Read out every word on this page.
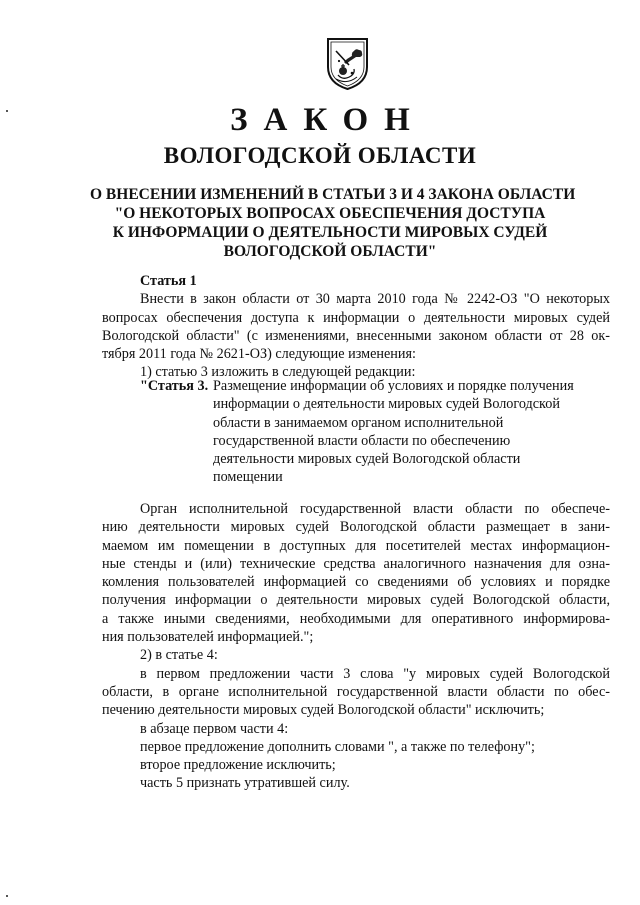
ЗАКОН
ВОЛОГОДСКОЙ ОБЛАСТИ
О ВНЕСЕНИИ ИЗМЕНЕНИЙ В СТАТЬИ 3 И 4 ЗАКОНА ОБЛАСТИ
"О НЕКОТОРЫХ ВОПРОСАХ ОБЕСПЕЧЕНИЯ ДОСТУПА
К ИНФОРМАЦИИ О ДЕЯТЕЛЬНОСТИ МИРОВЫХ СУДЕЙ
ВОЛОГОДСКОЙ ОБЛАСТИ"
Статья 1
Внести в закон области от 30 марта 2010 года № 2242-ОЗ "О некоторых
вопросах обеспечения доступа к информации о деятельности мировых судей
Вологодской области" (с изменениями, внесенными законом области от 28 ок-
тября 2011 года № 2621-ОЗ) следующие изменения:
1) статью 3 изложить в следующей редакции:
"Статья 3. Размещение информации об условиях и порядке получения
информации о деятельности мировых судей Вологодской
области в занимаемом органом исполнительной
государственной власти области по обеспечению
деятельности мировых судей Вологодской области
помещении
Орган исполнительной государственной власти области по обеспече-
нию деятельности мировых судей Вологодской области размещает в зани-
маемом им помещении в доступных для посетителей местах информацион-
ные стенды и (или) технические средства аналогичного назначения для озна-
комления пользователей информацией со сведениями об условиях и порядке
получения информации о деятельности мировых судей Вологодской области,
а также иными сведениями, необходимыми для оперативного информирова-
ния пользователей информацией.";
2) в статье 4:
в первом предложении части 3 слова "у мировых судей Вологодской
области, в органе исполнительной государственной власти области по обес-
печению деятельности мировых судей Вологодской области" исключить;
в абзаце первом части 4:
первое предложение дополнить словами ", а также по телефону";
второе предложение исключить;
часть 5 признать утратившей силу.
